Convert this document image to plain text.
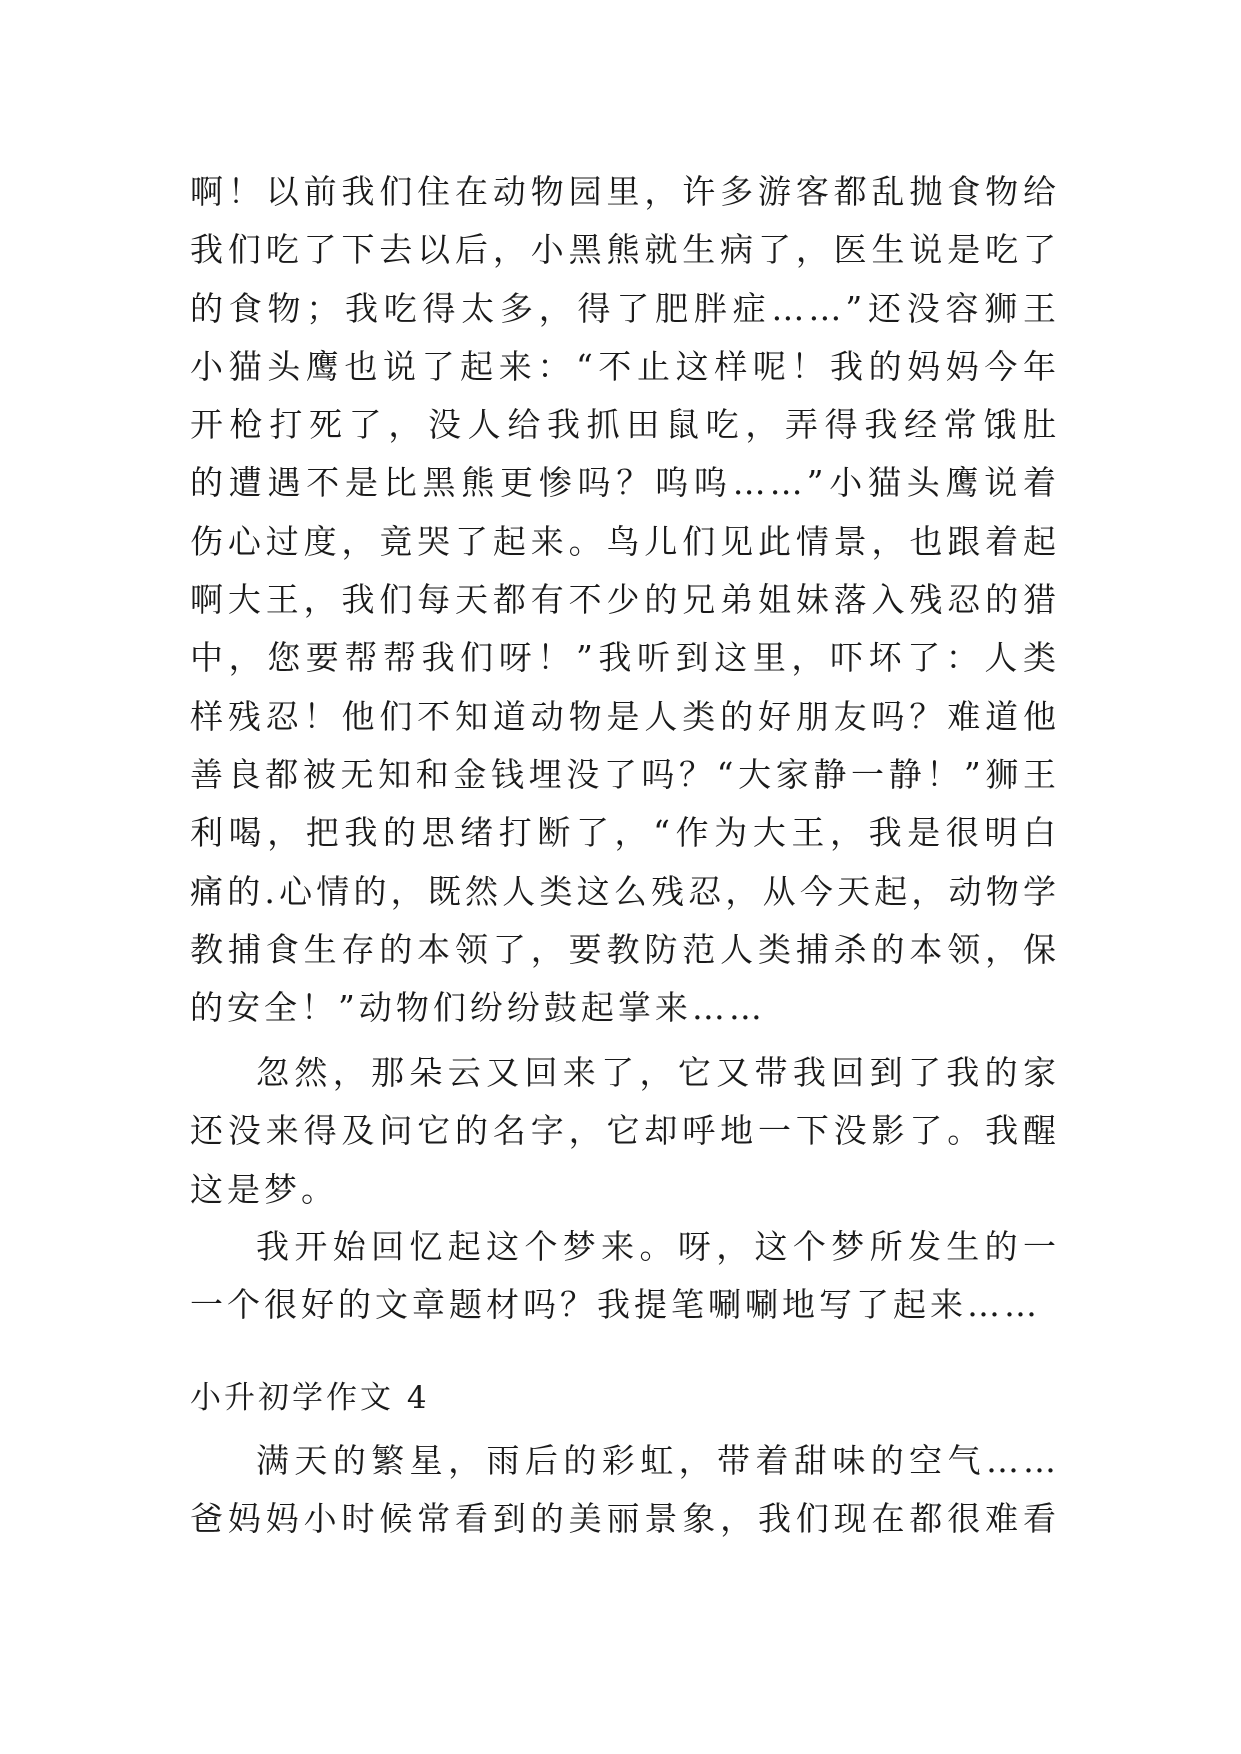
啊！以前我们住在动物园里，许多游客都乱抛食物给
我们吃了下去以后，小黑熊就生病了，医生说是吃了
的食物；我吃得太多，得了肥胖症……”还没容狮王
小猫头鹰也说了起来：“不止这样呢！我的妈妈今年
开枪打死了，没人给我抓田鼠吃，弄得我经常饿肚
的遭遇不是比黑熊更惨吗？呜呜……”小猫头鹰说着
伤心过度，竟哭了起来。鸟儿们见此情景，也跟着起
啊大王，我们每天都有不少的兄弟姐妹落入残忍的猎
中，您要帮帮我们呀！”我听到这里，吓坏了：人类
样残忍！他们不知道动物是人类的好朋友吗？难道他
善良都被无知和金钱埋没了吗？“大家静一静！”狮王
利喝，把我的思绪打断了，“作为大王，我是很明白
痛的.心情的，既然人类这么残忍，从今天起，动物学
教捕食生存的本领了，要教防范人类捕杀的本领，保
的安全！”动物们纷纷鼓起掌来……
忽然，那朵云又回来了，它又带我回到了我的家
还没来得及问它的名字，它却呼地一下没影了。我醒
这是梦。
我开始回忆起这个梦来。呀，这个梦所发生的一
一个很好的文章题材吗？我提笔唰唰地写了起来……
小升初学作文 4
满天的繁星，雨后的彩虹，带着甜味的空气……
爸妈妈小时候常看到的美丽景象，我们现在都很难看
